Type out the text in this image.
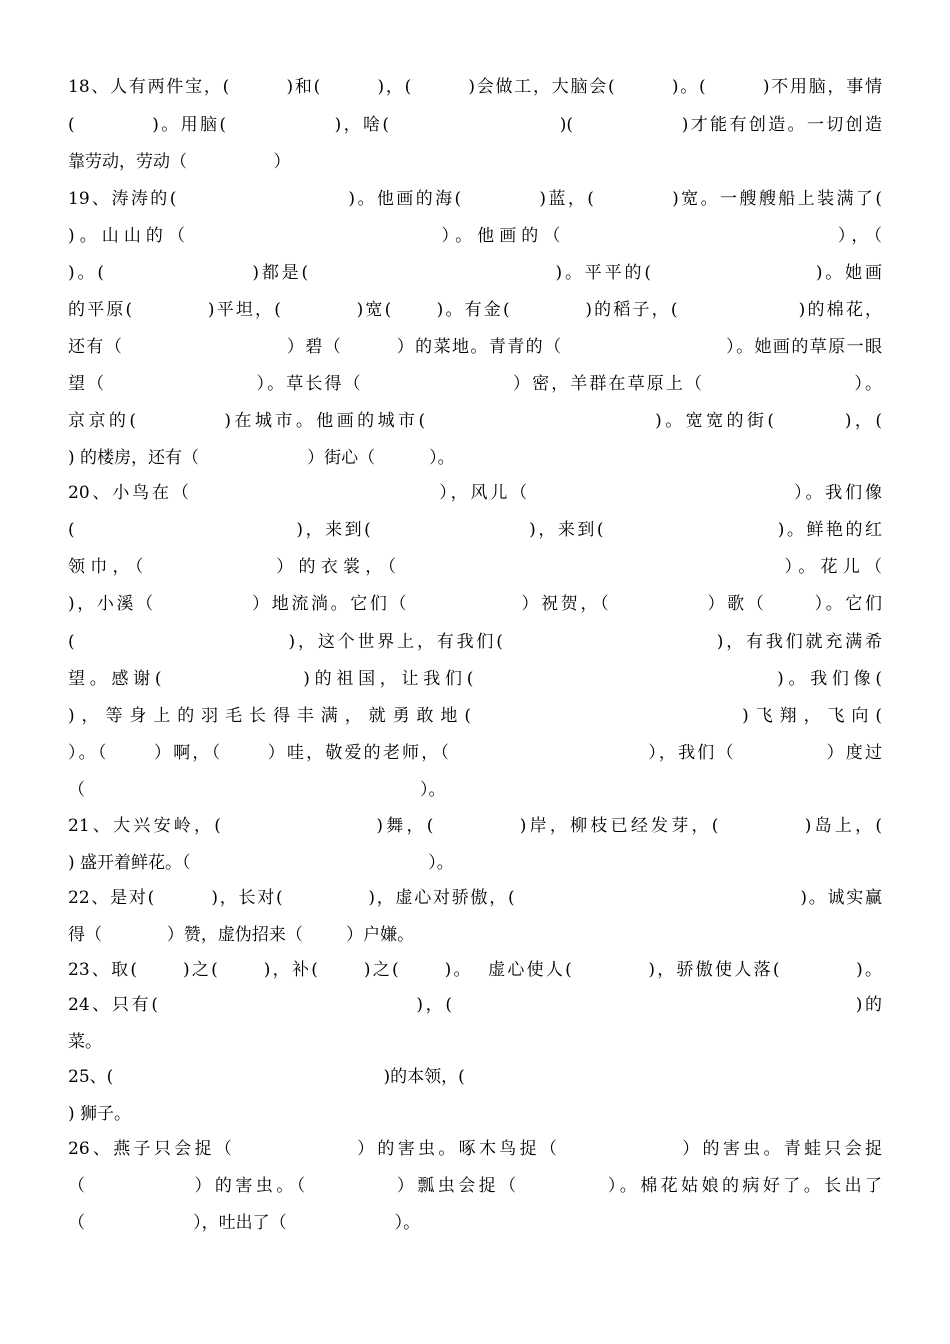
18、人有两件宝，(        )和(        )，(        )会做工，大脑会(        )。(        )不用脑，事情
(          )。用脑(              )，啥(                      )(              )才能有创造。一切创造
靠劳动，劳动（                ）
19、涛涛的(                      )。他画的海(          )蓝，(          )宽。一艘艘船上装满了(
)。山山的（                        ）。他画的（                          ），（
)。(                  )都是(                              )。平平的(                    )。她画
的平原(          )平坦，(          )宽(      )。有金(          )的稻子，(                )的棉花，
还有（                        ）碧（        ）的菜地。青青的（                        ）。她画的草原一眼
望（                    ）。草长得（                    ）密，羊群在草原上（                    ）。
京京的(          )在城市。他画的城市(                          )。宽宽的街(        )，(
) 的楼房，还有（                    ）街心（          ）。
20、小鸟在（                              ），风儿（                                ）。我们像
(                            )，来到(                    )，来到(                      )。鲜艳的红
领巾，（            ）的衣裳，（                                    ）。花儿（
)，小溪（            ）地流淌。它们（              ）祝贺，（            ）歌（      ）。它们
(                          )，这个世界上，有我们(                          )，有我们就充满希
望。感谢(              )的祖国，让我们(                              )。我们像(
)，等身上的羽毛长得丰满，就勇敢地(                      )飞翔，飞向(
）。（      ）啊，（      ）哇，敬爱的老师，（                          ），我们（            ）度过
（                                                              ）。
21、大兴安岭，(                  )舞，(          )岸，柳枝已经发芽，(          )岛上，(
) 盛开着鲜花。（                                            ）。
22、是对(        )，长对(            )，虚心对骄傲，(                                        )。诚实赢
得（            ）赞，虚伪招来（        ）户嫌。
23、取(      )之(      )，补(      )之(      )。  虚心使人(          )，骄傲使人落(          )。
24、只有(                                )，(                                                  )的
菜。
25、(                                                  )的本领，(
) 狮子。
26、燕子只会捉（              ）的害虫。啄木鸟捉（              ）的害虫。青蛙只会捉
（            ）的害虫。（          ）瓢虫会捉（          ）。棉花姑娘的病好了。长出了
（                    ），吐出了（                    ）。
